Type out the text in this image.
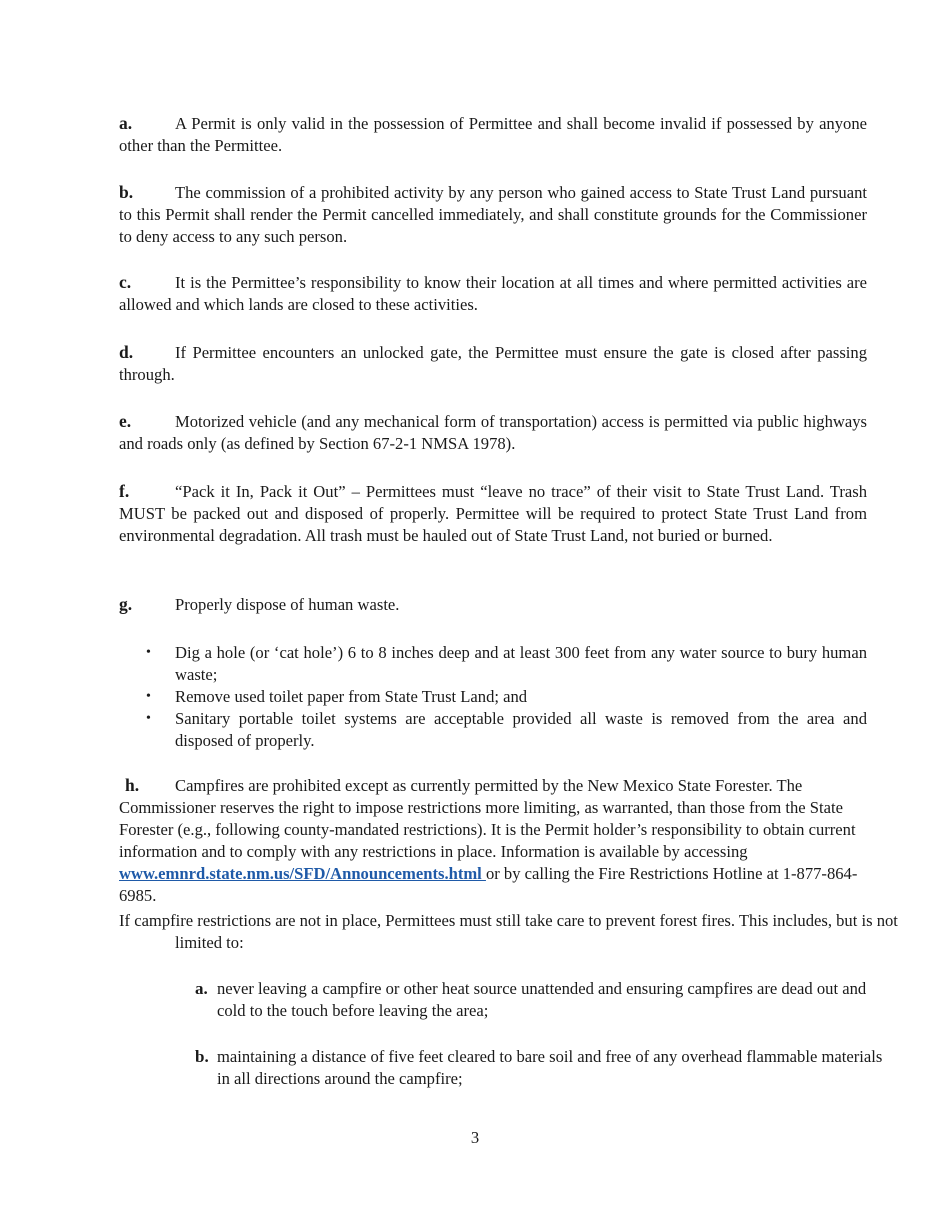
a.	A Permit is only valid in the possession of Permittee and shall become invalid if possessed by anyone other than the Permittee.

b.	The commission of a prohibited activity by any person who gained access to State Trust Land pursuant to this Permit shall render the Permit cancelled immediately, and shall constitute grounds for the Commissioner to deny access to any such person.

c.	It is the Permittee’s responsibility to know their location at all times and where permitted activities are allowed and which lands are closed to these activities.

d.	If Permittee encounters an unlocked gate, the Permittee must ensure the gate is closed after passing through.

e.	Motorized vehicle (and any mechanical form of transportation) access is permitted via public highways and roads only (as defined by Section 67-2-1 NMSA 1978).

f.	“Pack it In, Pack it Out” – Permittees must “leave no trace” of their visit to State Trust Land. Trash MUST be packed out and disposed of properly. Permittee will be required to protect State Trust Land from environmental degradation. All trash must be hauled out of State Trust Land, not buried or burned.

g.	Properly dispose of human waste.

• Dig a hole (or ‘cat hole’) 6 to 8 inches deep and at least 300 feet from any water source to bury human waste;
• Remove used toilet paper from State Trust Land; and
• Sanitary portable toilet systems are acceptable provided all waste is removed from the area and disposed of properly.

h. Campfires are prohibited except as currently permitted by the New Mexico State Forester. The Commissioner reserves the right to impose restrictions more limiting, as warranted, than those from the State Forester (e.g., following county-mandated restrictions). It is the Permit holder’s responsibility to obtain current information and to comply with any restrictions in place. Information is available by accessing www.emnrd.state.nm.us/SFD/Announcements.html or by calling the Fire Restrictions Hotline at 1-877-864-6985.

If campfire restrictions are not in place, Permittees must still take care to prevent forest fires. This includes, but is not limited to:

a. never leaving a campfire or other heat source unattended and ensuring campfires are dead out and cold to the touch before leaving the area;

b. maintaining a distance of five feet cleared to bare soil and free of any overhead flammable materials in all directions around the campfire;

3
